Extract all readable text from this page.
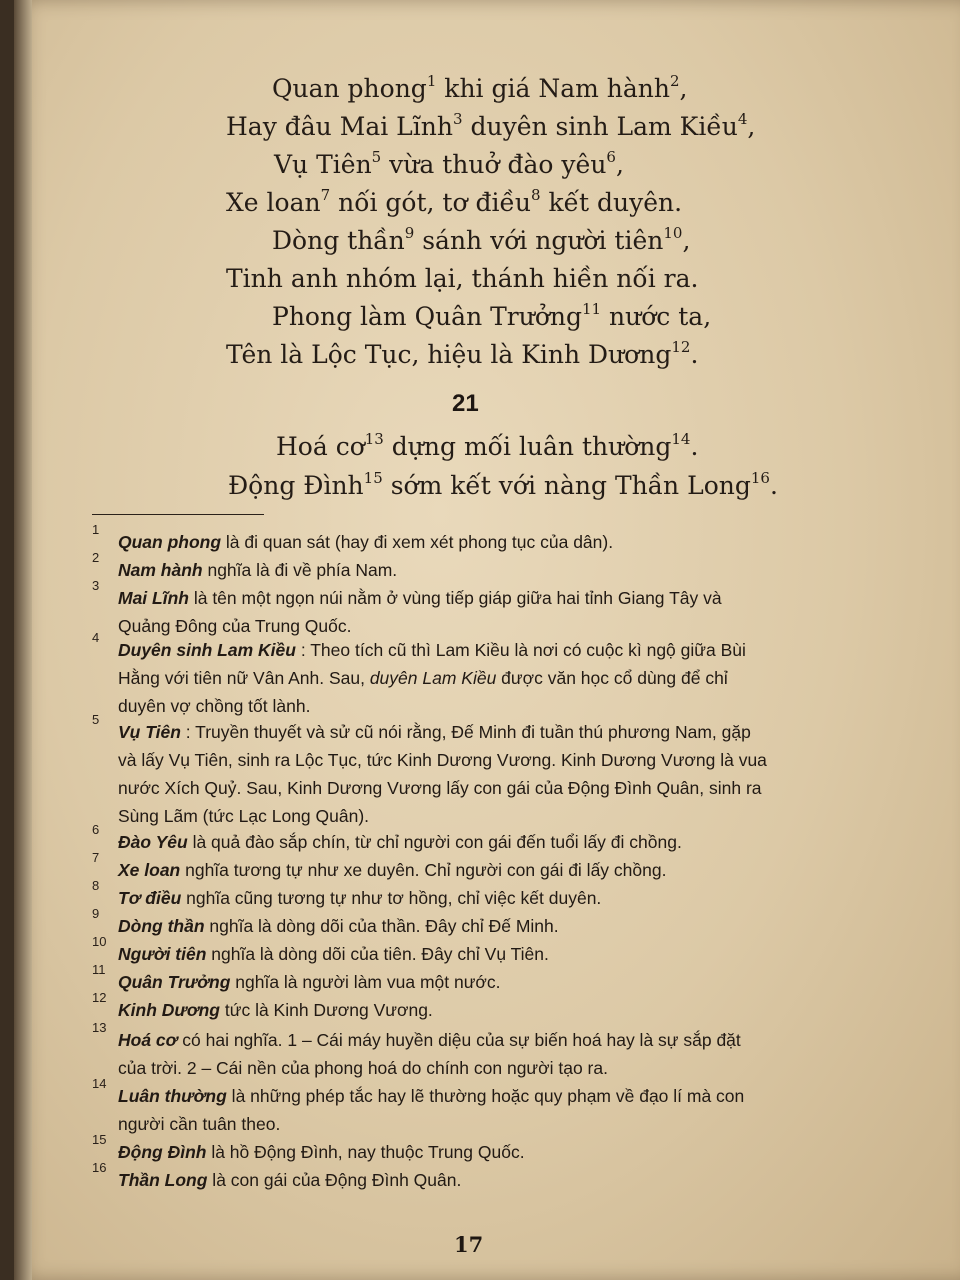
Quan phong$^1$ khi giá Nam hành$^2$,
Hay đâu Mai Lĩnh$^3$ duyên sinh Lam Kiều$^4$,
Vụ Tiên$^5$ vừa thuở đào yêu$^6$,
Xe loan$^7$ nối gót, tơ điều$^8$ kết duyên.
Dòng thần$^9$ sánh với người tiên$^{10}$,
Tinh anh nhóm lại, thánh hiền nối ra.
Phong làm Quân Trưởng$^{11}$ nước ta,
Tên là Lộc Tục, hiệu là Kinh Dương$^{12}$.
Hoá $cơ^{13}$ dựng mối luân thường$^{14}$.
Động Đình$^{15}$ sớm kết với nàng Thần Long$^{16}$.
21
1
Quan phong là đi quan sát (hay đi xem xét phong tục của dân).
2
Nam hành nghĩa là đi về phía Nam.
3
Mai Lĩnh là tên một ngọn núi nằm ở vùng tiếp giáp giữa hai tỉnh Giang Tây và
Quảng Đông của Trung Quốc.
4
Duyên sinh Lam Kiều : Theo tích cũ thì Lam Kiều là nơi có cuộc kì ngộ giữa Bùi
Hằng với tiên nữ Vân Anh. Sau, duyên Lam Kiều được văn học cổ dùng để chỉ
duyên vợ chồng tốt lành.
5
Vụ Tiên : Truyền thuyết và sử cũ nói rằng, Đế Minh đi tuần thú phương Nam, gặp
và lấy Vụ Tiên, sinh ra Lộc Tục, tức Kinh Dương Vương. Kinh Dương Vương là vua
nước Xích Quỷ. Sau, Kinh Dương Vương lấy con gái của Động Đình Quân, sinh ra
Sùng Lãm (tức Lạc Long Quân).
6
Đào Yêu là quả đào sắp chín, từ chỉ người con gái đến tuổi lấy đi chồng.
7
Xe loan nghĩa tương tự như xe duyên. Chỉ người con gái đi lấy chồng.
8
Tơ điều nghĩa cũng tương tự như tơ hồng, chỉ việc kết duyên.
9
Dòng thần nghĩa là dòng dõi của thần. Đây chỉ Đế Minh.
10
Người tiên nghĩa là dòng dõi của tiên. Đây chỉ Vụ Tiên.
11
Quân Trưởng nghĩa là người làm vua một nước.
12
Kinh Dương tức là Kinh Dương Vương.
13
Hoá cơ có hai nghĩa. 1 – Cái máy huyền diệu của sự biến hoá hay là sự sắp đặt
của trời. 2 – Cái nền của phong hoá do chính con người tạo ra.
14
Luân thường là những phép tắc hay lẽ thường hoặc quy phạm về đạo lí mà con
người cần tuân theo.
15
Động Đình là hồ Động Đình, nay thuộc Trung Quốc.
16
Thần Long là con gái của Động Đình Quân.
17
